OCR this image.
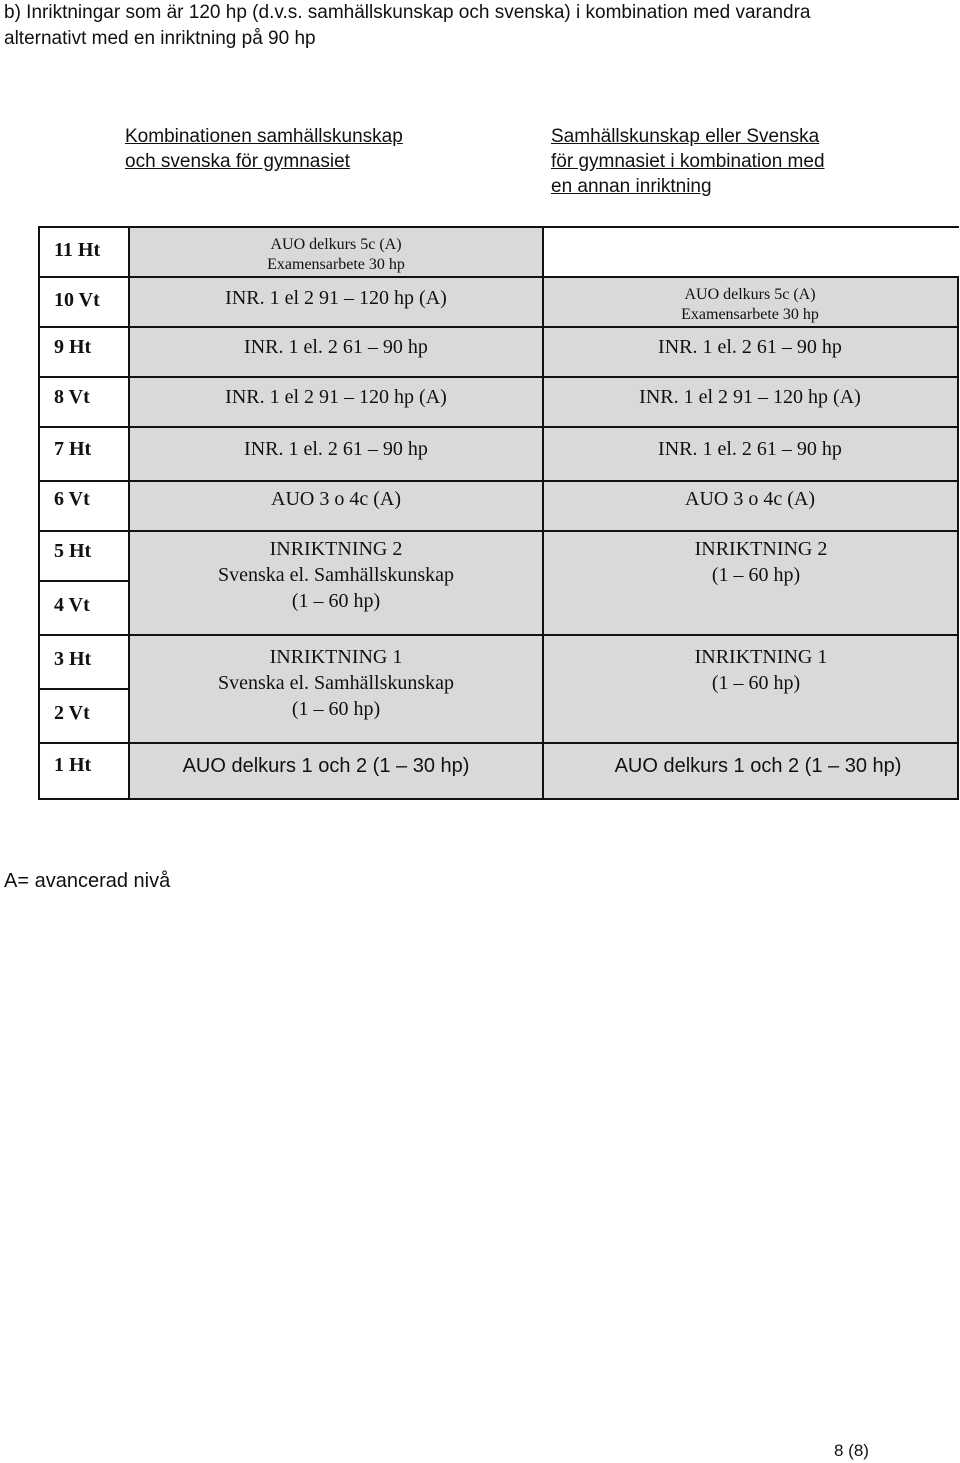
b) Inriktningar som är 120 hp (d.v.s. samhällskunskap och svenska) i kombination med varandra
alternativt med en inriktning på 90 hp
Kombinationen samhällskunskap
och svenska för gymnasiet
Samhällskunskap eller Svenska
för gymnasiet i kombination med
en annan inriktning
11 Ht
10 Vt
9 Ht
8 Vt
7 Ht
6 Vt
5 Ht
4 Vt
3 Ht
2 Vt
1 Ht
AUO delkurs 5c (A)
Examensarbete 30 hp
INR. 1 el 2 91 – 120 hp (A)
INR. 1 el. 2 61 – 90 hp
INR. 1 el 2 91 – 120 hp (A)
INR. 1 el. 2 61 – 90 hp
AUO 3 o 4c (A)
INRIKTNING 2
Svenska el. Samhällskunskap
(1 – 60 hp)
INRIKTNING 1
Svenska el. Samhällskunskap
(1 – 60 hp)
AUO delkurs 1 och 2 (1 – 30 hp)
AUO delkurs 5c (A)
Examensarbete 30 hp
INR. 1 el. 2 61 – 90 hp
INR. 1 el 2 91 – 120 hp (A)
INR. 1 el. 2 61 – 90 hp
AUO 3 o 4c (A)
INRIKTNING 2
(1 – 60 hp)
INRIKTNING 1
(1 – 60 hp)
AUO delkurs 1 och 2 (1 – 30 hp)
A= avancerad nivå
8 (8)
